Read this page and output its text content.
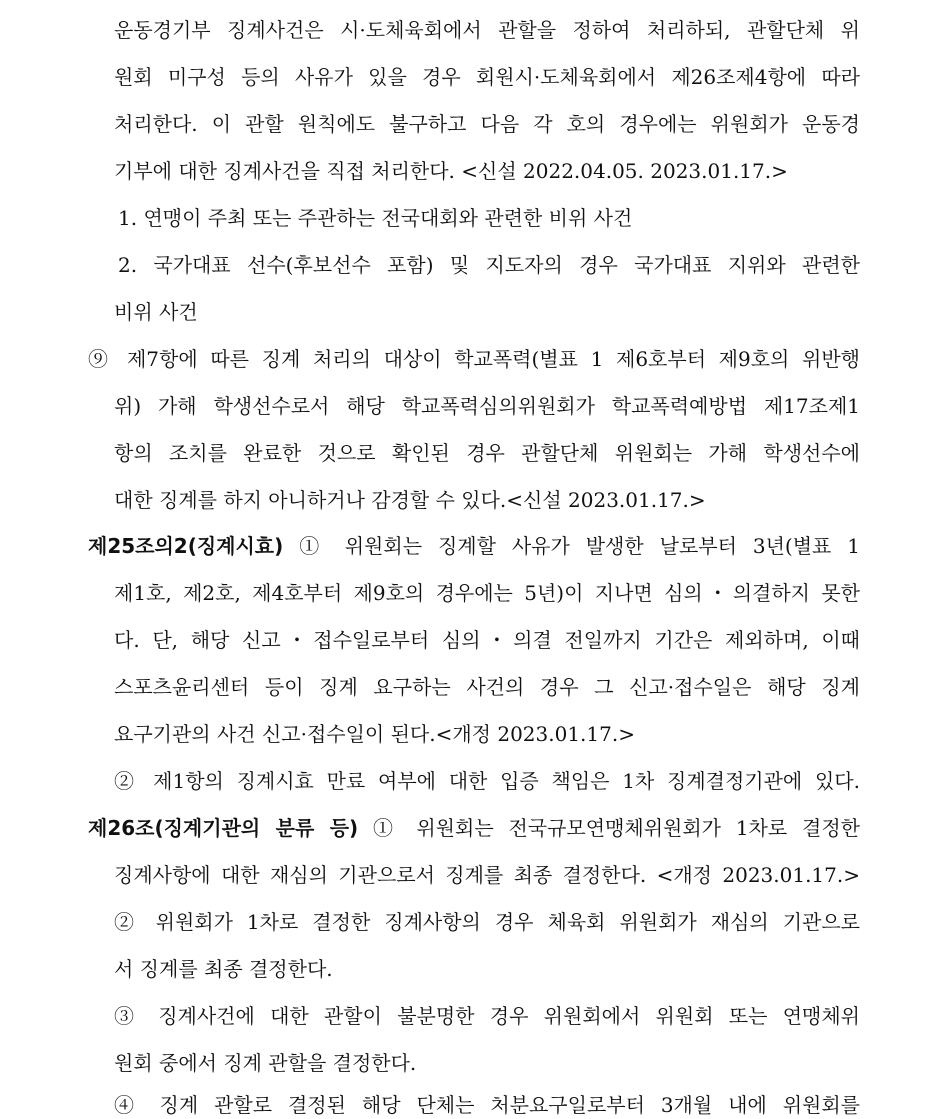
운동경기부 징계사건은 시·도체육회에서 관할을 정하여 처리하되, 관할단체 위
원회 미구성 등의 사유가 있을 경우 회원시·도체육회에서 제26조제4항에 따라
처리한다. 이 관할 원칙에도 불구하고 다음 각 호의 경우에는 위원회가 운동경
기부에 대한 징계사건을 직접 처리한다. <신설 2022.04.05. 2023.01.17.>
1. 연맹이 주최 또는 주관하는 전국대회와 관련한 비위 사건
2. 국가대표 선수(후보선수 포함) 및 지도자의 경우 국가대표 지위와 관련한
비위 사건
⑨ 제7항에 따른 징계 처리의 대상이 학교폭력(별표 1 제6호부터 제9호의 위반행
위) 가해 학생선수로서 해당 학교폭력심의위원회가 학교폭력예방법 제17조제1
항의 조치를 완료한 것으로 확인된 경우 관할단체 위원회는 가해 학생선수에
대한 징계를 하지 아니하거나 감경할 수 있다.<신설 2023.01.17.>
제25조의2(징계시효) ① 위원회는 징계할 사유가 발생한 날로부터 3년(별표 1
제1호, 제2호, 제4호부터 제9호의 경우에는 5년)이 지나면 심의・의결하지 못한
다. 단, 해당 신고・접수일로부터 심의・의결 전일까지 기간은 제외하며, 이때
스포츠윤리센터 등이 징계 요구하는 사건의 경우 그 신고·접수일은 해당 징계
요구기관의 사건 신고·접수일이 된다.<개정 2023.01.17.>
② 제1항의 징계시효 만료 여부에 대한 입증 책임은 1차 징계결정기관에 있다.
제26조(징계기관의 분류 등) ① 위원회는 전국규모연맹체위원회가 1차로 결정한
징계사항에 대한 재심의 기관으로서 징계를 최종 결정한다. <개정 2023.01.17.>
② 위원회가 1차로 결정한 징계사항의 경우 체육회 위원회가 재심의 기관으로
서 징계를 최종 결정한다.
③ 징계사건에 대한 관할이 불분명한 경우 위원회에서 위원회 또는 연맹체위
원회 중에서 징계 관할을 결정한다.
④ 징계 관할로 결정된 해당 단체는 처분요구일로부터 3개월 내에 위원회를
